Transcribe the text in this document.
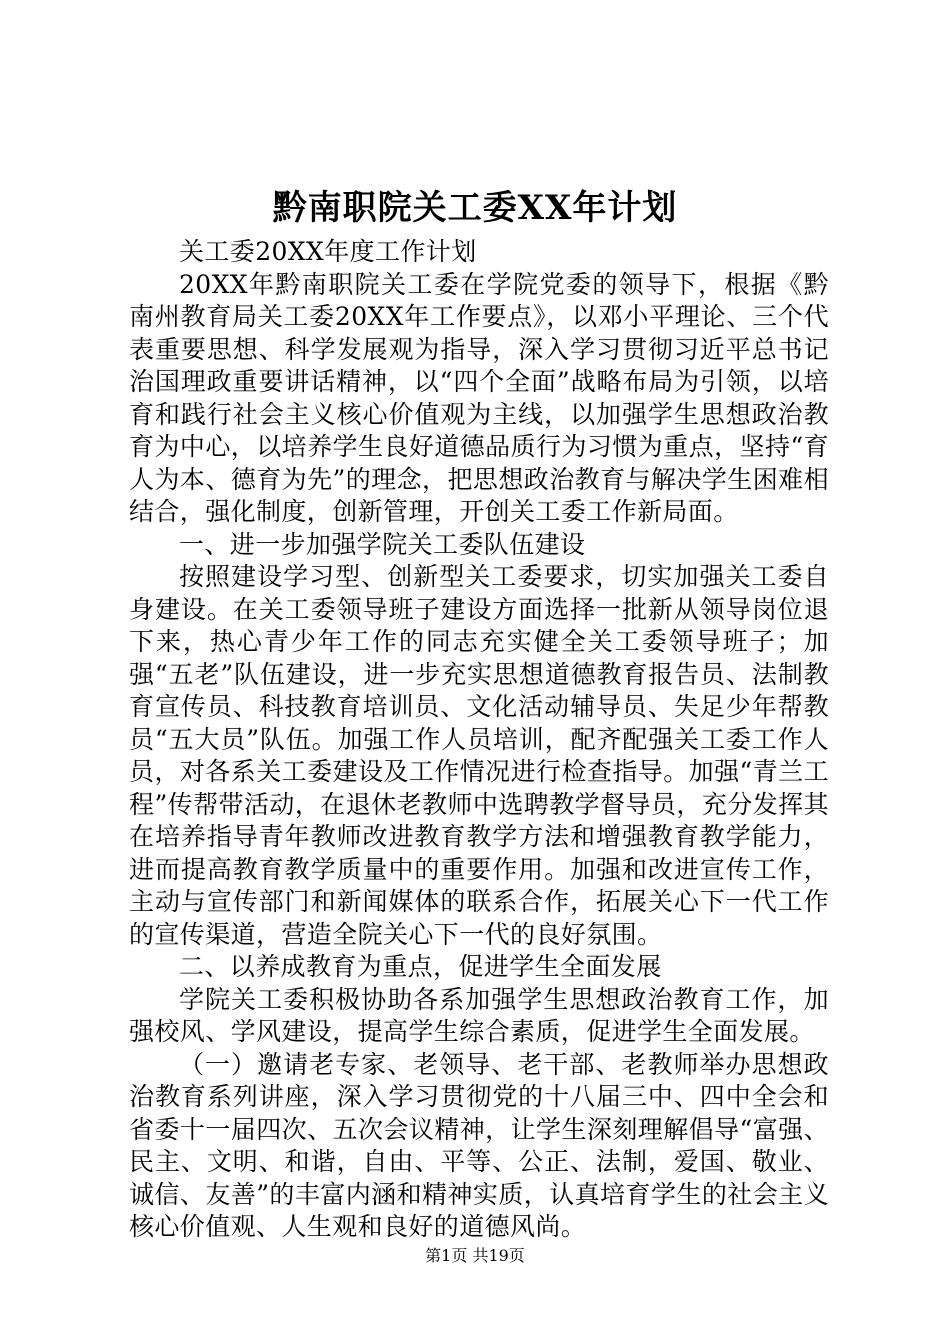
黔南职院关工委XX年计划

关工委20XX年度工作计划

20XX年黔南职院关工委在学院党委的领导下，根据《黔南州教育局关工委20XX年工作要点》，以邓小平理论、三个代表重要思想、科学发展观为指导，深入学习贯彻习近平总书记治国理政重要讲话精神，以“四个全面”战略布局为引领，以培育和践行社会主义核心价值观为主线，以加强学生思想政治教育为中心，以培养学生良好道德品质行为习惯为重点，坚持“育人为本、德育为先”的理念，把思想政治教育与解决学生困难相结合，强化制度，创新管理，开创关工委工作新局面。

一、进一步加强学院关工委队伍建设

按照建设学习型、创新型关工委要求，切实加强关工委自身建设。在关工委领导班子建设方面选择一批新从领导岗位退下来，热心青少年工作的同志充实健全关工委领导班子；加强“五老”队伍建设，进一步充实思想道德教育报告员、法制教育宣传员、科技教育培训员、文化活动辅导员、失足少年帮教员“五大员”队伍。加强工作人员培训，配齐配强关工委工作人员，对各系关工委建设及工作情况进行检查指导。加强“青兰工程”传帮带活动，在退休老教师中选聘教学督导员，充分发挥其在培养指导青年教师改进教育教学方法和增强教育教学能力，进而提高教育教学质量中的重要作用。加强和改进宣传工作，主动与宣传部门和新闻媒体的联系合作，拓展关心下一代工作的宣传渠道，营造全院关心下一代的良好氛围。

二、以养成教育为重点，促进学生全面发展

学院关工委积极协助各系加强学生思想政治教育工作，加强校风、学风建设，提高学生综合素质，促进学生全面发展。

（一）邀请老专家、老领导、老干部、老教师举办思想政治教育系列讲座，深入学习贯彻党的十八届三中、四中全会和省委十一届四次、五次会议精神，让学生深刻理解倡导“富强、民主、文明、和谐，自由、平等、公正、法制，爱国、敬业、诚信、友善”的丰富内涵和精神实质，认真培育学生的社会主义核心价值观、人生观和良好的道德风尚。

第1页 共19页
